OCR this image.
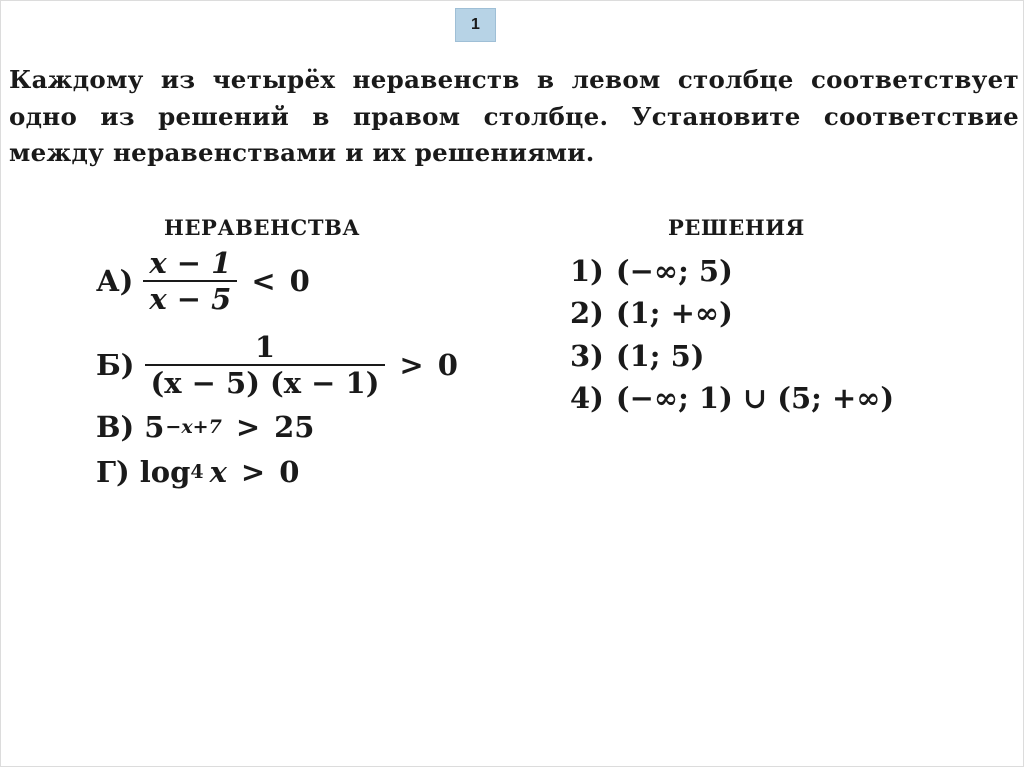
1
Каждому из четырёх неравенств в левом столбце соответствует одно из решений в правом столбце. Установите соответствие между неравенствами и их решениями.
НЕРАВЕНСТВА	РЕШЕНИЯ
$А) \frac{x - 1}{x - 5} < 0$
$Б) \frac{1}{(x - 5) (x - 1)} > 0$
В) 5 −x+7 > 25
Г) log 4 x > 0
1) (−∞; 5)
2) (1; +∞)
3) (1; 5)
4) (−∞; 1) ∪ (5; +∞)
